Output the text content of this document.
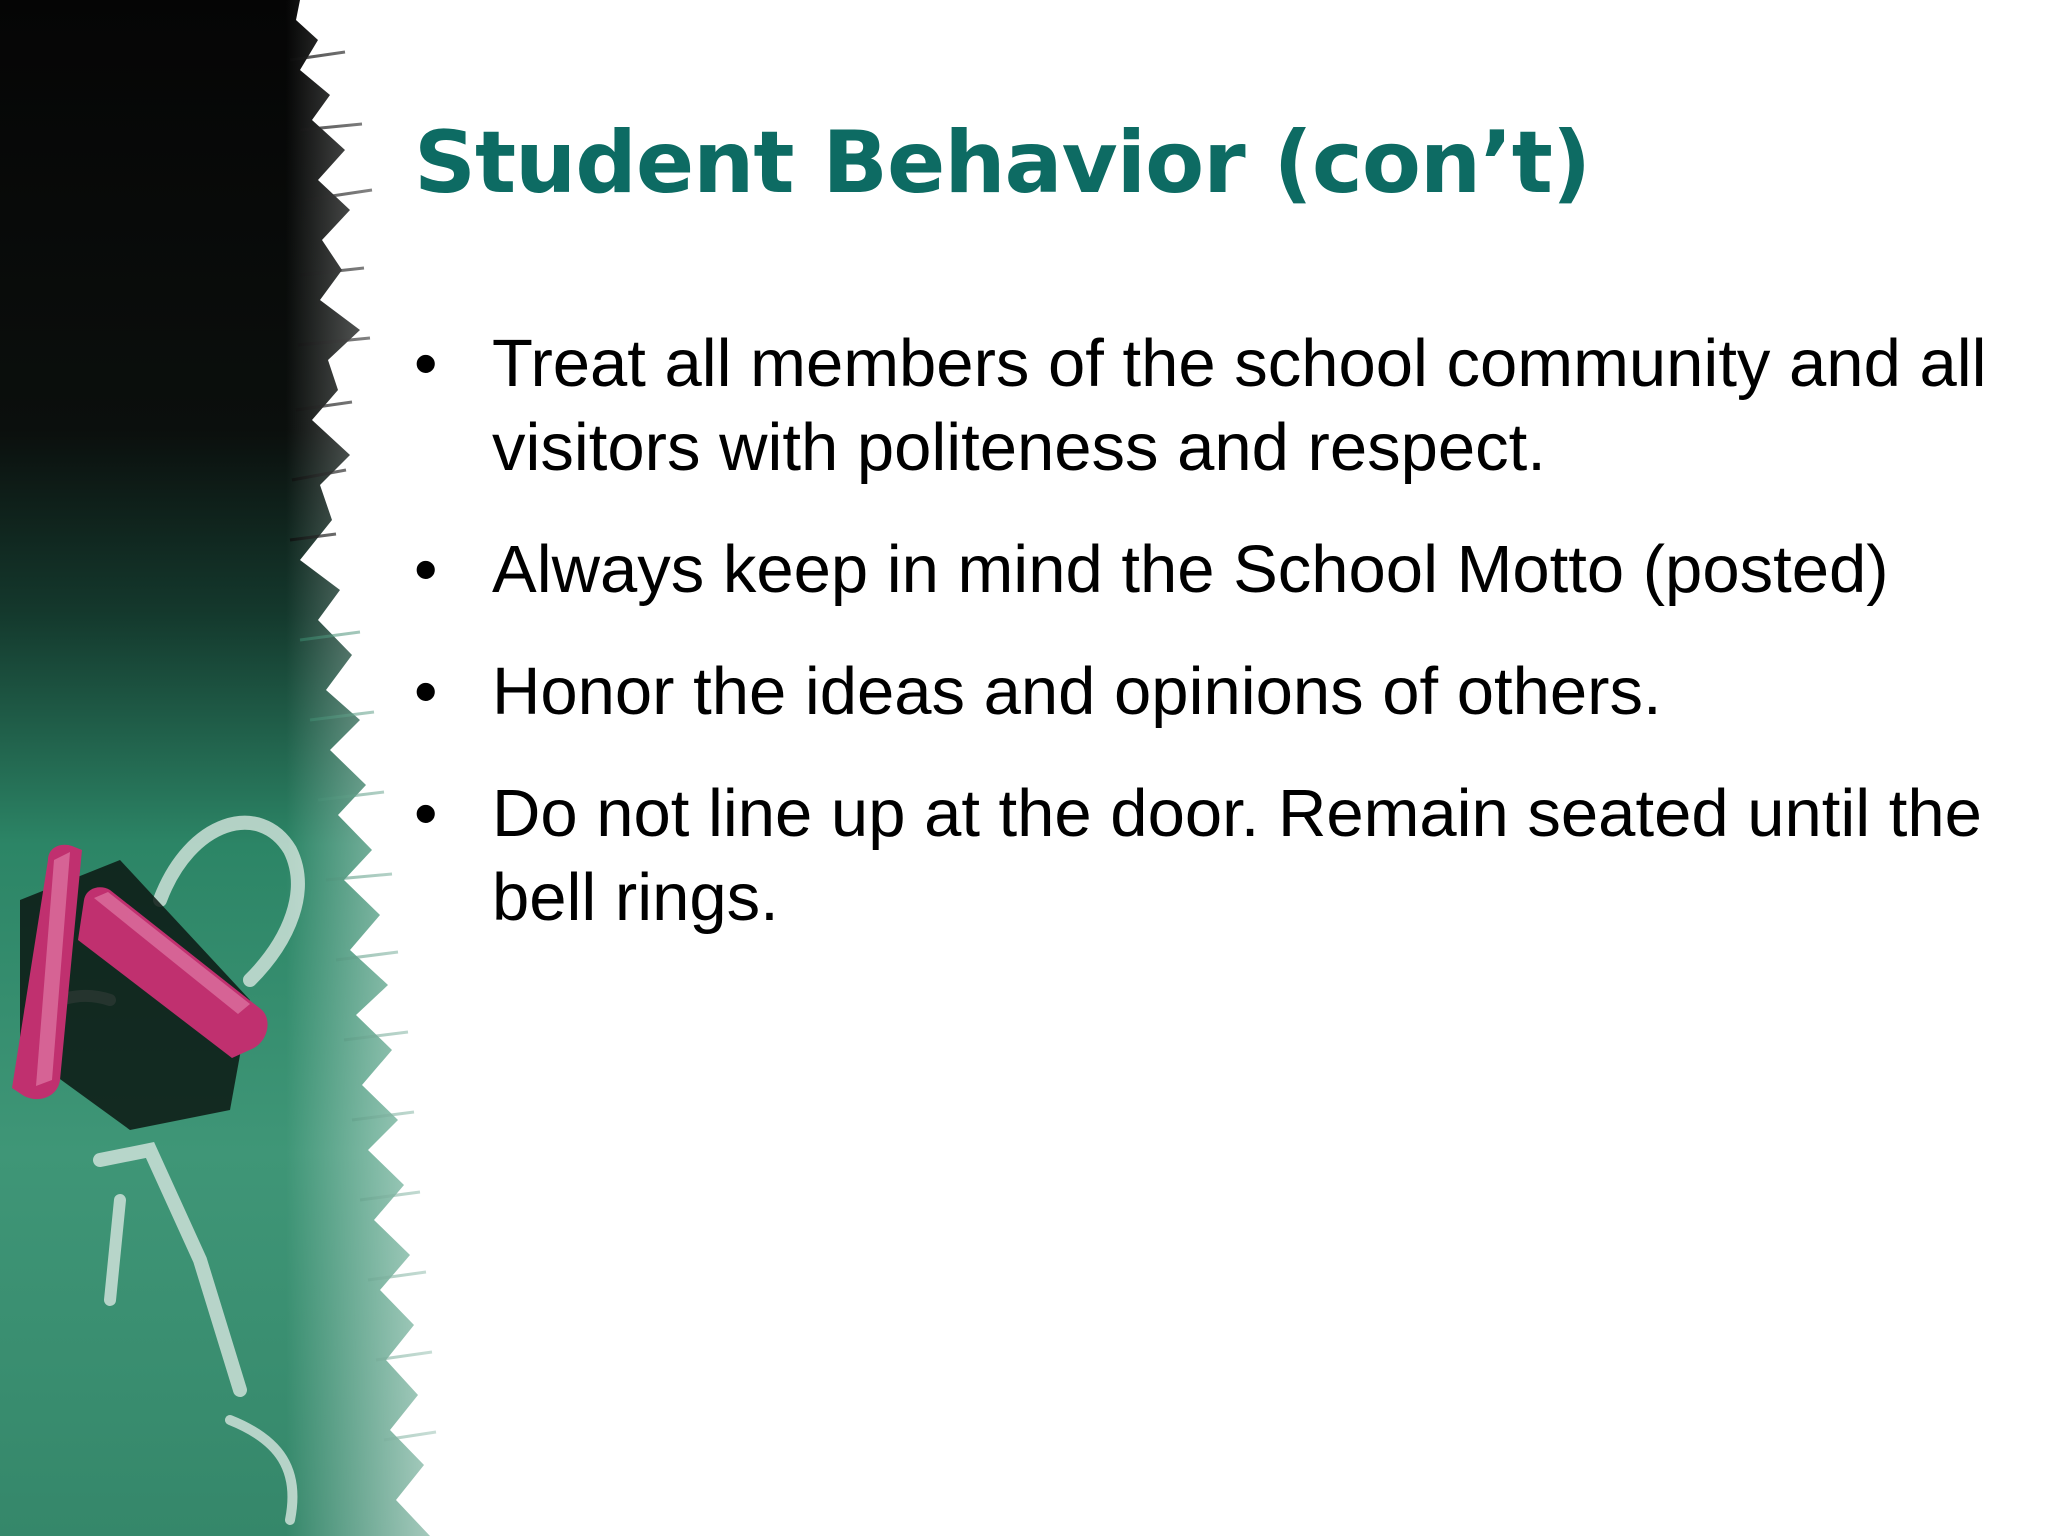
Student Behavior (con’t)
• Treat all members of the school community and all visitors with politeness and respect.
• Always keep in mind the School Motto (posted)
• Honor the ideas and opinions of others.
• Do not line up at the door. Remain seated until the bell rings.
